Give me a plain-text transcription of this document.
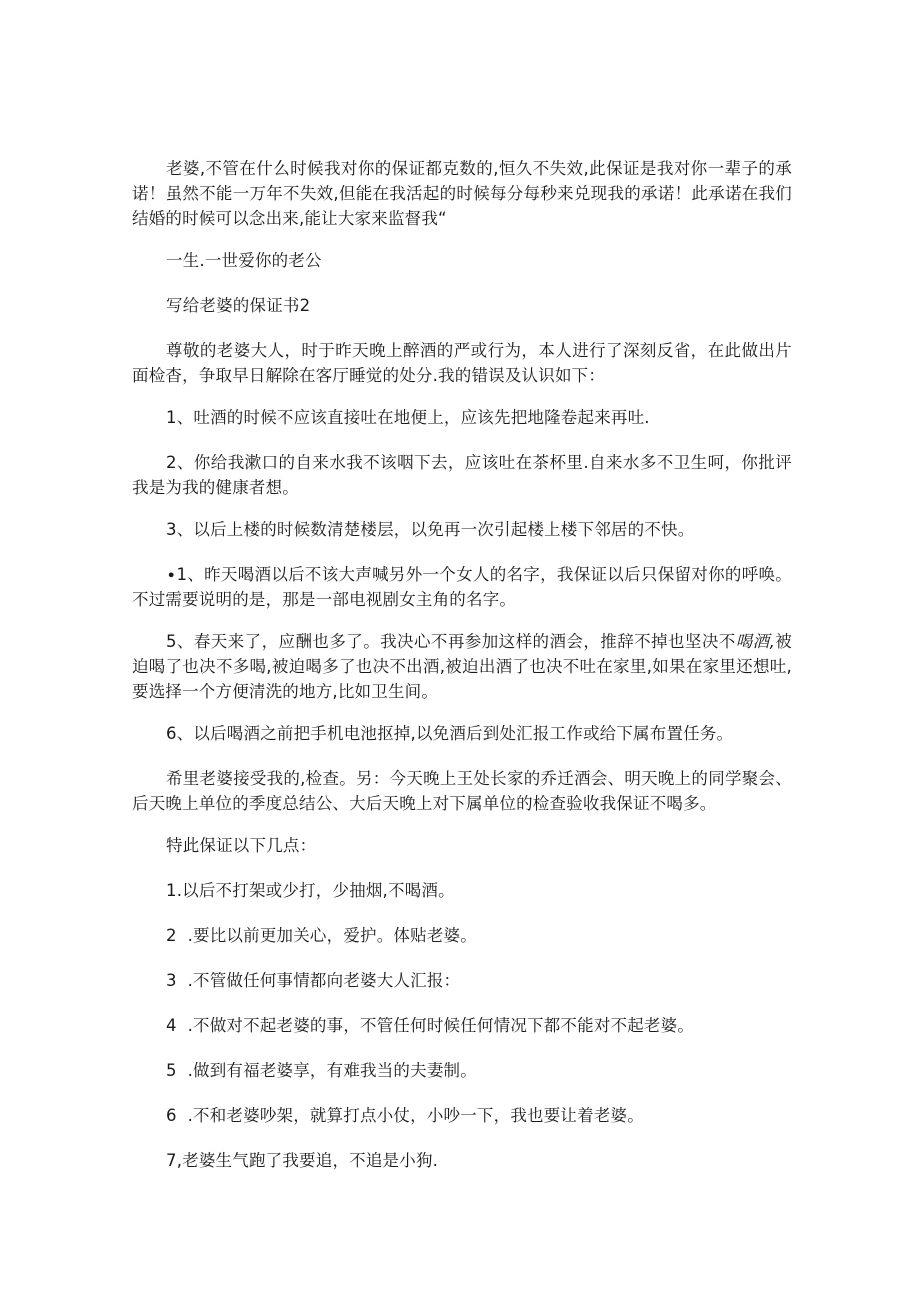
老婆,不管在什么时候我对你的保证都克数的,恒久不失效,此保证是我对你一辈子的承诺！虽然不能一万年不失效,但能在我活起的时候每分每秒来兑现我的承诺！此承诺在我们结婚的时候可以念出来,能让大家来监督我“

一生.一世爱你的老公

写给老婆的保证书2

尊敬的老婆大人，时于昨天晚上醉酒的严或行为，本人进行了深刻反省，在此做出片面检杳，争取早日解除在客厅睡觉的处分.我的错误及认识如下：

1、吐酒的时候不应该直接吐在地便上，应该先把地隆卷起来再吐.

2、你给我漱口的自来水我不该咽下去，应该吐在茶杯里.自来水多不卫生呵，你批评我是为我的健康者想。

3、以后上楼的时候数清楚楼层，以免再一次引起楼上楼下邻居的不快。

∙1、昨天喝酒以后不该大声喊另外一个女人的名字，我保证以后只保留对你的呼唤。不过需要说明的是，那是一部电视剧女主角的名字。

5、春天来了，应酬也多了。我决心不再参加这样的酒会，推辞不掉也坚决不喝酒,被迫喝了也决不多喝,被迫喝多了也决不出酒,被迫出酒了也决不吐在家里,如果在家里还想吐,要选择一个方便清洗的地方,比如卫生间。

6、以后喝酒之前把手机电池抠掉,以免酒后到处汇报工作或给下属布置任务。

希里老婆接受我的,检查。另：今天晚上王处长家的乔迁酒会、明天晚上的同学聚会、后天晚上单位的季度总结公、大后天晚上对下属单位的检查验收我保证不喝多。

特此保证以下几点：

1.以后不打架或少打，少抽烟,不喝酒。

2  .要比以前更加关心，爱护。体贴老婆。

3  .不管做任何事情都向老婆大人汇报：

4  .不做对不起老婆的事，不管任何时候任何情况下都不能对不起老婆。

5  .做到有福老婆享，有难我当的夫妻制。

6  .不和老婆吵架，就算打点小仗，小吵一下，我也要让着老婆。

7,老婆生气跑了我要追，不追是小狗.
